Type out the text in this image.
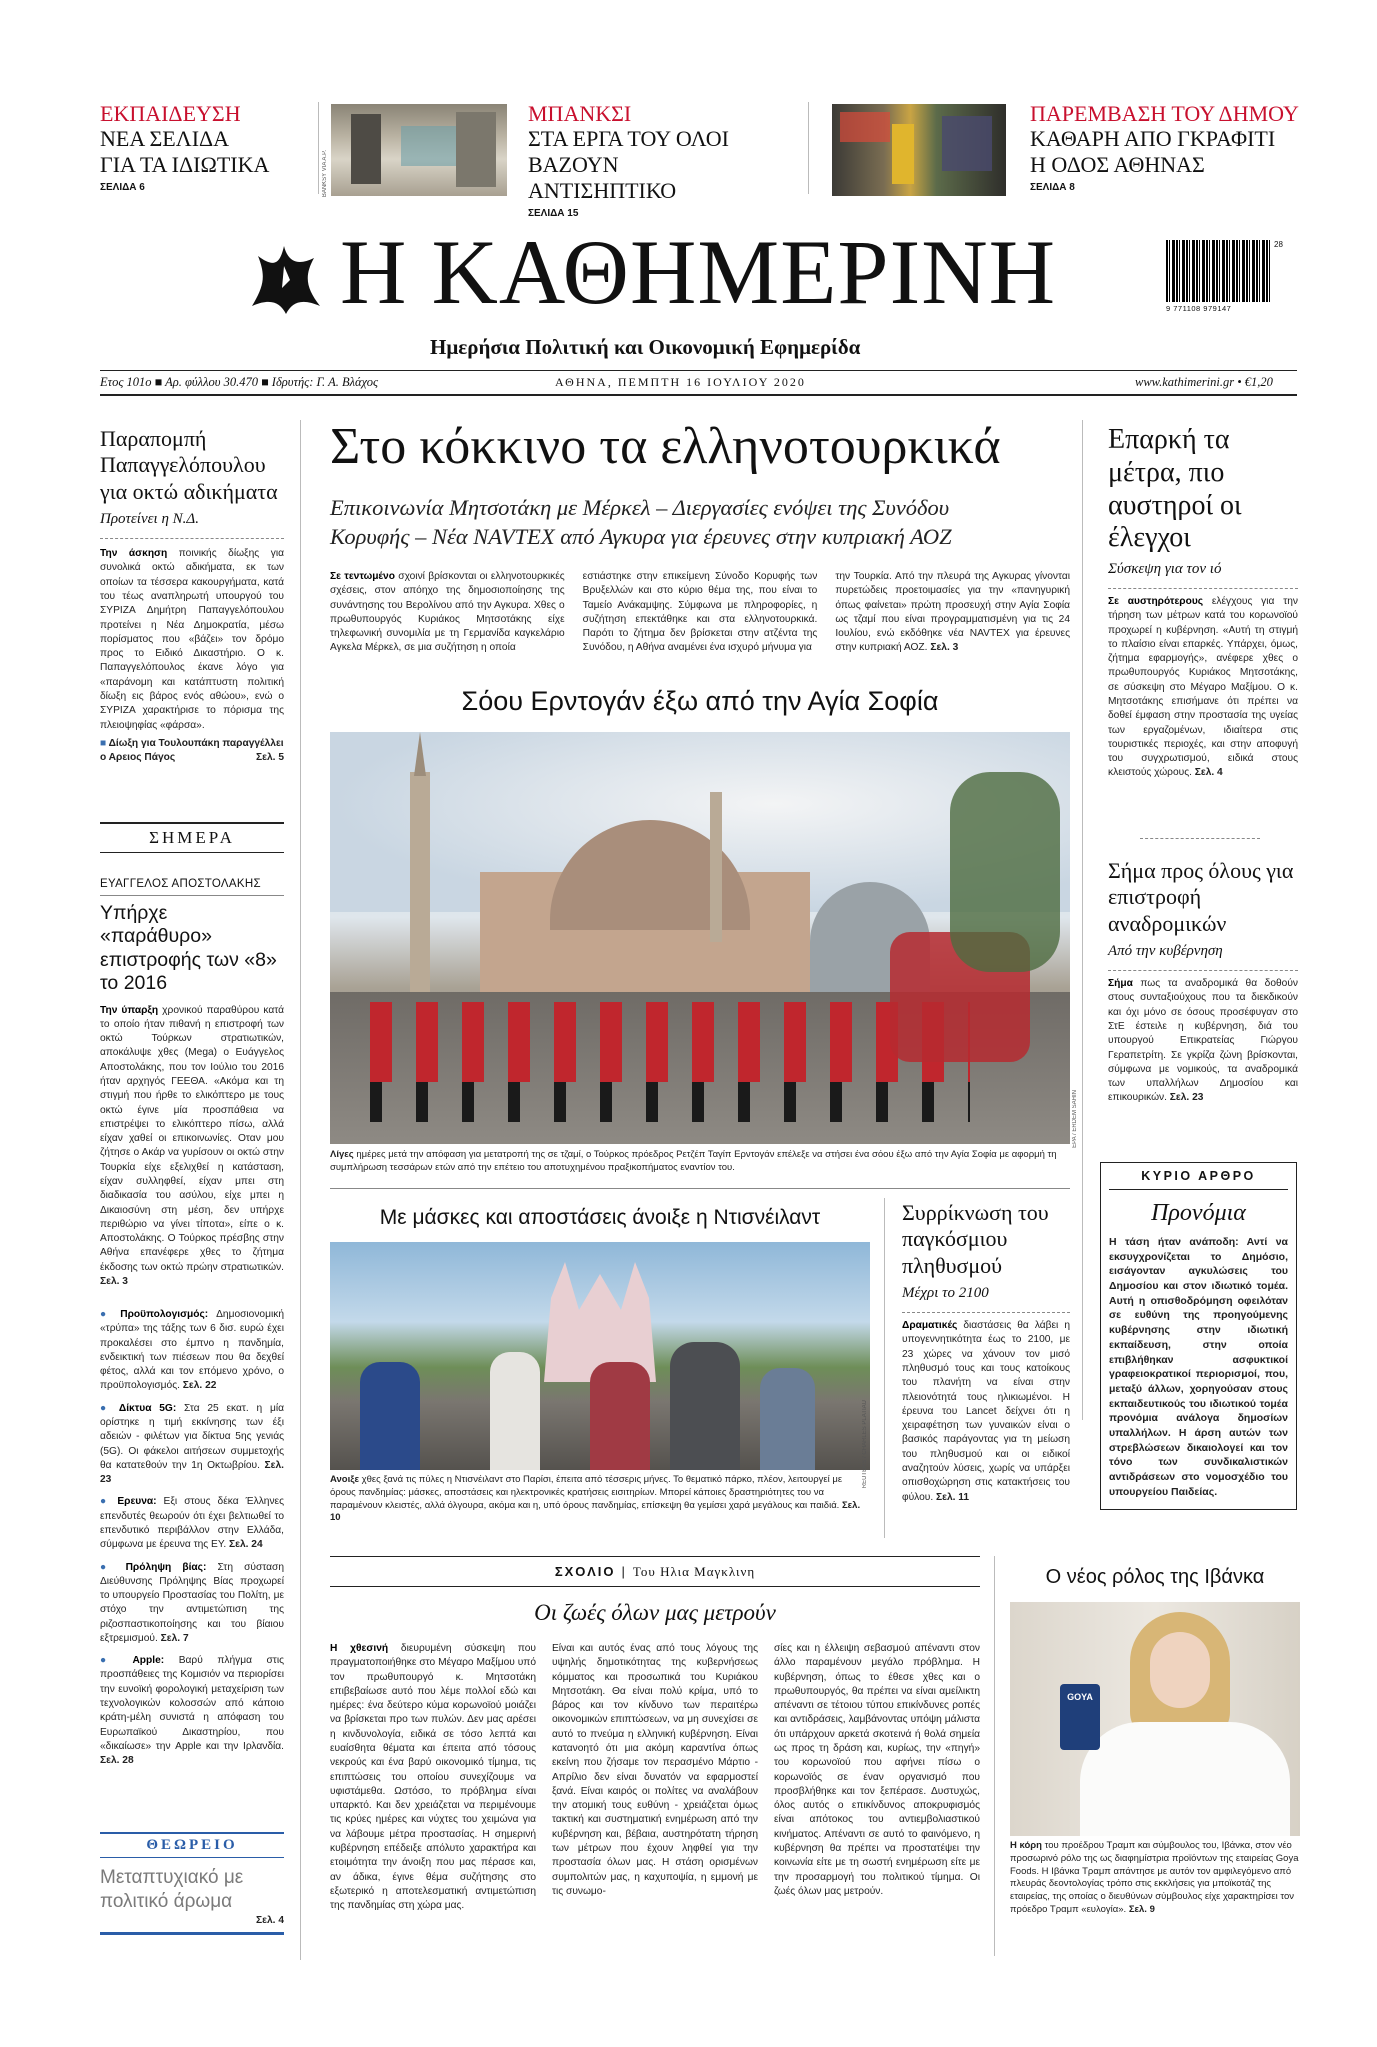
ΕΚΠΑΙΔΕΥΣΗ
ΝΕΑ ΣΕΛΙΔΑ
ΓΙΑ ΤΑ ΙΔΙΩΤΙΚΑ
ΣΕΛΙΔΑ 6	BANKSY VIA A.P.
ΜΠΑΝΚΣΙ
ΣΤΑ ΕΡΓΑ ΤΟΥ ΟΛΟΙ
ΒΑΖΟΥΝ ΑΝΤΙΣΗΠΤΙΚΟ
ΣΕΛΙΔΑ 15
ΠΑΡΕΜΒΑΣΗ ΤΟΥ ΔΗΜΟΥ
ΚΑΘΑΡΗ ΑΠΟ ΓΚΡΑΦΙΤΙ
Η ΟΔΟΣ ΑΘΗΝΑΣ
ΣΕΛΙΔΑ 8
Η ΚΑΘΗΜΕΡΙΝΗ
Ημερήσια Πολιτική και Οικονομική Εφημερίδα
28
9 771108 979147
Ετος 101ο ■ Αρ. φύλλου 30.470 ■ Ιδρυτής: Γ. Α. Βλάχος	ΑΘΗΝΑ, ΠΕΜΠΤΗ 16 ΙΟΥΛΙΟΥ 2020	www.kathimerini.gr • €1,20
Παραπομπή Παπαγγελόπουλου για οκτώ αδικήματα
Προτείνει η Ν.Δ.
Την άσκηση ποινικής δίωξης για συνολικά οκτώ αδικήματα, εκ των οποίων τα τέσσερα κακουργήματα, κατά του τέως αναπληρωτή υπουργού του ΣΥΡΙΖΑ Δημήτρη Παπαγγελόπουλου προτείνει η Νέα Δημοκρατία, μέσω πορίσματος που «βάζει» τον δρόμο προς το Ειδικό Δικαστήριο. Ο κ. Παπαγγελόπουλος έκανε λόγο για «παράνομη και κατάπτυστη πολιτική δίωξη εις βάρος ενός αθώου», ενώ ο ΣΥΡΙΖΑ χαρακτήρισε το πόρισμα της πλειοψηφίας «φάρσα».
■ Δίωξη για Τουλουπάκη παραγγέλλει ο Αρειος Πάγος	Σελ. 5
ΣΗΜΕΡΑ
ΕΥΑΓΓΕΛΟΣ ΑΠΟΣΤΟΛΑΚΗΣ
Υπήρχε «παράθυρο» επιστροφής των «8» το 2016
Την ύπαρξη χρονικού παραθύρου κατά το οποίο ήταν πιθανή η επιστροφή των οκτώ Τούρκων στρατιωτικών, αποκάλυψε χθες (Mega) ο Ευάγγελος Αποστολάκης, που τον Ιούλιο του 2016 ήταν αρχηγός ΓΕΕΘΑ. «Ακόμα και τη στιγμή που ήρθε το ελικόπτερο με τους οκτώ έγινε μία προσπάθεια να επιστρέψει το ελικόπτερο πίσω, αλλά είχαν χαθεί οι επικοινωνίες. Οταν μου ζήτησε ο Ακάρ να γυρίσουν οι οκτώ στην Τουρκία είχε εξελιχθεί η κατάσταση, είχαν συλληφθεί, είχαν μπει στη διαδικασία του ασύλου, είχε μπει η Δικαιοσύνη στη μέση, δεν υπήρχε περιθώριο να γίνει τίποτα», είπε ο κ. Αποστολάκης. Ο Τούρκος πρέσβης στην Αθήνα επανέφερε χθες το ζήτημα έκδοσης των οκτώ πρώην στρατιωτικών. Σελ. 3
● Προϋπολογισμός: Δημοσιονομική «τρύπα» της τάξης των 6 δισ. ευρώ έχει προκαλέσει στο έμπνο η πανδημία, ενδεικτική των πιέσεων που θα δεχθεί φέτος, αλλά και τον επόμενο χρόνο, ο προϋπολογισμός. Σελ. 22
● Δίκτυα 5G: Στα 25 εκατ. η μία ορίστηκε η τιμή εκκίνησης των έξι αδειών - φιλέτων για δίκτυα 5ης γενιάς (5G). Οι φάκελοι αιτήσεων συμμετοχής θα κατατεθούν την 1η Οκτωβρίου. Σελ. 23
● Ερευνα: Εξι στους δέκα Έλληνες επενδυτές θεωρούν ότι έχει βελτιωθεί το επενδυτικό περιβάλλον στην Ελλάδα, σύμφωνα με έρευνα της EY. Σελ. 24
● Πρόληψη βίας: Στη σύσταση Διεύθυνσης Πρόληψης Βίας προχωρεί το υπουργείο Προστασίας του Πολίτη, με στόχο την αντιμετώπιση της ριζοσπαστικοποίησης και του βίαιου εξτρεμισμού. Σελ. 7
● Apple: Βαρύ πλήγμα στις προσπάθειες της Κομισιόν να περιορίσει την ευνοϊκή φορολογική μεταχείριση των τεχνολογικών κολοσσών από κάποιο κράτη-μέλη συνιστά η απόφαση του Ευρωπαϊκού Δικαστηρίου, που «δικαίωσε» την Apple και την Ιρλανδία. Σελ. 28
ΘΕΩΡΕΙΟ
Μεταπτυχιακό με πολιτικό άρωμα
Σελ. 4
Στο κόκκινο τα ελληνοτουρκικά
Επικοινωνία Μητσοτάκη με Μέρκελ – Διεργασίες ενόψει της Συνόδου
Κορυφής – Νέα NAVTEX από Αγκυρα για έρευνες στην κυπριακή ΑΟΖ
Σε τεντωμένο σχοινί βρίσκονται οι ελληνοτουρκικές σχέσεις, στον απόηχο της δημοσιοποίησης της συνάντησης του Βερολίνου από την Αγκυρα. Χθες ο πρωθυπουργός Κυριάκος Μητσοτάκης είχε τηλεφωνική συνομιλία με τη Γερμανίδα καγκελάριο Αγκελα Μέρκελ, σε μια συζήτηση η οποία
εστιάστηκε στην επικείμενη Σύνοδο Κορυφής των Βρυξελλών και στο κύριο θέμα της, που είναι το Ταμείο Ανάκαμψης. Σύμφωνα με πληροφορίες, η συζήτηση επεκτάθηκε και στα ελληνοτουρκικά. Παρότι το ζήτημα δεν βρίσκεται στην ατζέντα της Συνόδου, η Αθήνα αναμένει ένα ισχυρό μήνυμα για
την Τουρκία. Από την πλευρά της Αγκυρας γίνονται πυρετώδεις προετοιμασίες για την «πανηγυρική όπως φαίνεται» πρώτη προσευχή στην Αγία Σοφία ως τζαμί που είναι προγραμματισμένη για τις 24 Ιουλίου, ενώ εκδόθηκε νέα NAVTEX για έρευνες στην κυπριακή ΑΟΖ. Σελ. 3
Σόου Ερντογάν έξω από την Αγία Σοφία
EPA / ERDEM SAHIN
Λίγες ημέρες μετά την απόφαση για μετατροπή της σε τζαμί, ο Τούρκος πρόεδρος Ρετζέπ Ταγίπ Ερντογάν επέλεξε να στήσει ένα σόου έξω από την Αγία Σοφία με αφορμή τη συμπλήρωση τεσσάρων ετών από την επέτειο του αποτυχημένου πραξικοπήματος εναντίον του.
Με μάσκες και αποστάσεις άνοιξε η Ντισνέιλαντ
REUTERS / CHARLES PLATIAU
Ανοιξε χθες ξανά τις πύλες η Ντισνέιλαντ στο Παρίσι, έπειτα από τέσσερις μήνες. Το θεματικό πάρκο, πλέον, λειτουργεί με όρους πανδημίας: μάσκες, αποστάσεις και ηλεκτρονικές κρατήσεις εισιτηρίων. Μπορεί κάποιες δραστηριότητες του να παραμένουν κλειστές, αλλά όλγουρα, ακόμα και η, υπό όρους πανδημίας, επίσκεψη θα γεμίσει χαρά μεγάλους και παιδιά. Σελ. 10
Συρρίκνωση του παγκόσμιου πληθυσμού
Μέχρι το 2100
Δραματικές διαστάσεις θα λάβει η υπογεννητικότητα έως το 2100, με 23 χώρες να χάνουν τον μισό πληθυσμό τους και τους κατοίκους του πλανήτη να είναι στην πλειονότητά τους ηλικιωμένοι. Η έρευνα του Lancet δείχνει ότι η χειραφέτηση των γυναικών είναι ο βασικός παράγοντας για τη μείωση του πληθυσμού και οι ειδικοί αναζητούν λύσεις, χωρίς να υπάρξει οπισθοχώρηση στις κατακτήσεις του φύλου. Σελ. 11
Επαρκή τα μέτρα, πιο αυστηροί οι έλεγχοι
Σύσκεψη για τον ιό
Σε αυστηρότερους ελέγχους για την τήρηση των μέτρων κατά του κορωνοϊού προχωρεί η κυβέρνηση. «Αυτή τη στιγμή το πλαίσιο είναι επαρκές. Υπάρχει, όμως, ζήτημα εφαρμογής», ανέφερε χθες ο πρωθυπουργός Κυριάκος Μητσοτάκης, σε σύσκεψη στο Μέγαρο Μαξίμου. Ο κ. Μητσοτάκης επισήμανε ότι πρέπει να δοθεί έμφαση στην προστασία της υγείας των εργαζομένων, ιδιαίτερα στις τουριστικές περιοχές, και στην αποφυγή του συγχρωτισμού, ειδικά στους κλειστούς χώρους. Σελ. 4
Σήμα προς όλους για επιστροφή αναδρομικών
Από την κυβέρνηση
Σήμα πως τα αναδρομικά θα δοθούν στους συνταξιούχους που τα διεκδικούν και όχι μόνο σε όσους προσέφυγαν στο ΣτΕ έστειλε η κυβέρνηση, διά του υπουργού Επικρατείας Γιώργου Γεραπετρίτη. Σε γκρίζα ζώνη βρίσκονται, σύμφωνα με νομικούς, τα αναδρομικά των υπαλλήλων Δημοσίου και επικουρικών. Σελ. 23
ΚΥΡΙΟ ΑΡΘΡΟ
Προνόμια
Η τάση ήταν ανάποδη: Αντί να εκσυγχρονίζεται το Δημόσιο, εισάγονταν αγκυλώσεις του Δημοσίου και στον ιδιωτικό τομέα. Αυτή η οπισθοδρόμηση οφειλόταν σε ευθύνη της προηγούμενης κυβέρνησης στην ιδιωτική εκπαίδευση, στην οποία επιβλήθηκαν ασφυκτικοί γραφειοκρατικοί περιορισμοί, που, μεταξύ άλλων, χορηγούσαν στους εκπαιδευτικούς του ιδιωτικού τομέα προνόμια ανάλογα δημοσίων υπαλλήλων. Η άρση αυτών των στρεβλώσεων δικαιολογεί και τον τόνο των συνδικαλιστικών αντιδράσεων στο νομοσχέδιο του υπουργείου Παιδείας.
ΣΧΟΛΙΟ | Του Ηλια Μαγκλινη
Οι ζωές όλων μας μετρούν
Η χθεσινή διευρυμένη σύσκεψη που πραγματοποιήθηκε στο Μέγαρο Μαξίμου υπό τον πρωθυπουργό κ. Μητσοτάκη επιβεβαίωσε αυτό που λέμε πολλοί εδώ και ημέρες: ένα δεύτερο κύμα κορωνοϊού μοιάζει να βρίσκεται προ των πυλών. Δεν μας αρέσει η κινδυνολογία, ειδικά σε τόσο λεπτά και ευαίσθητα θέματα και έπειτα από τόσους νεκρούς και ένα βαρύ οικονομικό τίμημα, τις επιπτώσεις του οποίου συνεχίζουμε να υφιστάμεθα. Ωστόσο, το πρόβλημα είναι υπαρκτό. Και δεν χρειάζεται να περιμένουμε τις κρύες ημέρες και νύχτες του χειμώνα για να λάβουμε μέτρα προστασίας. Η σημερινή κυβέρνηση επέδειξε απόλυτο χαρακτήρα και ετοιμότητα την άνοιξη που μας πέρασε και, αν άδικα, έγινε θέμα συζήτησης στο εξωτερικό η αποτελεσματική αντιμετώπιση της πανδημίας στη χώρα μας.
Είναι και αυτός ένας από τους λόγους της υψηλής δημοτικότητας της κυβερνήσεως κόμματος και προσωπικά του Κυριάκου Μητσοτάκη. Θα είναι πολύ κρίμα, υπό το βάρος και τον κίνδυνο των περαιτέρω οικονομικών επιπτώσεων, να μη συνεχίσει σε αυτό το πνεύμα η ελληνική κυβέρνηση. Είναι κατανοητό ότι μια ακόμη καραντίνα όπως εκείνη που ζήσαμε τον περασμένο Μάρτιο - Απρίλιο δεν είναι δυνατόν να εφαρμοστεί ξανά. Είναι καιρός οι πολίτες να αναλάβουν την ατομική τους ευθύνη - χρειάζεται όμως τακτική και συστηματική ενημέρωση από την κυβέρνηση και, βέβαια, αυστηρότατη τήρηση των μέτρων που έχουν ληφθεί για την προστασία όλων μας. Η στάση ορισμένων συμπολιτών μας, η καχυποψία, η εμμονή με τις συνωμο-
σίες και η έλλειψη σεβασμού απέναντι στον άλλο παραμένουν μεγάλο πρόβλημα. Η κυβέρνηση, όπως το έθεσε χθες και ο πρωθυπουργός, θα πρέπει να είναι αμείλικτη απέναντι σε τέτοιου τύπου επικίνδυνες ροπές και αντιδράσεις, λαμβάνοντας υπόψη μάλιστα ότι υπάρχουν αρκετά σκοτεινά ή θολά σημεία ως προς τη δράση και, κυρίως, την «πηγή» του κορωνοϊού που αφήνει πίσω ο κορωνοϊός σε έναν οργανισμό που προσβλήθηκε και τον ξεπέρασε. Δυστυχώς, όλος αυτός ο επικίνδυνος αποκρυφισμός είναι απότοκος του αντιεμβολιαστικού κινήματος. Απέναντι σε αυτό το φαινόμενο, η κυβέρνηση θα πρέπει να προστατέψει την κοινωνία είτε με τη σωστή ενημέρωση είτε με την προσαρμογή του πολιτικού τίμημα. Οι ζωές όλων μας μετρούν.
Ο νέος ρόλος της Ιβάνκα
GOYA
Η κόρη του προέδρου Τραμπ και σύμβουλος του, Ιβάνκα, στον νέο προσωρινό ρόλο της ως διαφημίστρια προϊόντων της εταιρείας Goya Foods. Η Ιβάνκα Τραμπ απάντησε με αυτόν τον αμφιλεγόμενο από πλευράς δεοντολογίας τρόπο στις εκκλήσεις για μποϊκοτάζ της εταιρείας, της οποίας ο διευθύνων σύμβουλος είχε χαρακτηρίσει τον πρόεδρο Τραμπ «ευλογία». Σελ. 9
